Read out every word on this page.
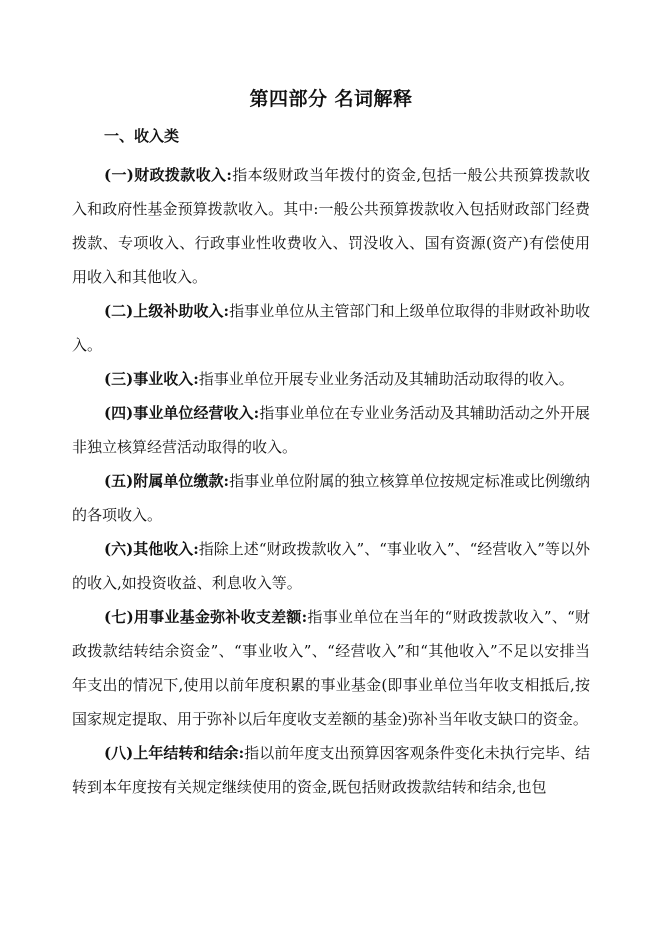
第四部分 名词解释
一、收入类

(一)财政拨款收入:指本级财政当年拨付的资金,包括一般公共预算拨款收入和政府性基金预算拨款收入。其中:一般公共预算拨款收入包括财政部门经费拨款、专项收入、行政事业性收费收入、罚没收入、国有资源(资产)有偿使用用收入和其他收入。

(二)上级补助收入:指事业单位从主管部门和上级单位取得的非财政补助收入。

(三)事业收入:指事业单位开展专业业务活动及其辅助活动取得的收入。

(四)事业单位经营收入:指事业单位在专业业务活动及其辅助活动之外开展非独立核算经营活动取得的收入。

(五)附属单位缴款:指事业单位附属的独立核算单位按规定标准或比例缴纳的各项收入。

(六)其他收入:指除上述“财政拨款收入”、“事业收入”、“经营收入”等以外的收入,如投资收益、利息收入等。

(七)用事业基金弥补收支差额:指事业单位在当年的“财政拨款收入”、“财政拨款结转结余资金”、“事业收入”、“经营收入”和“其他收入”不足以安排当年支出的情况下,使用以前年度积累的事业基金(即事业单位当年收支相抵后,按国家规定提取、用于弥补以后年度收支差额的基金)弥补当年收支缺口的资金。

(八)上年结转和结余:指以前年度支出预算因客观条件变化未执行完毕、结转到本年度按有关规定继续使用的资金,既包括财政拨款结转和结余,也包
